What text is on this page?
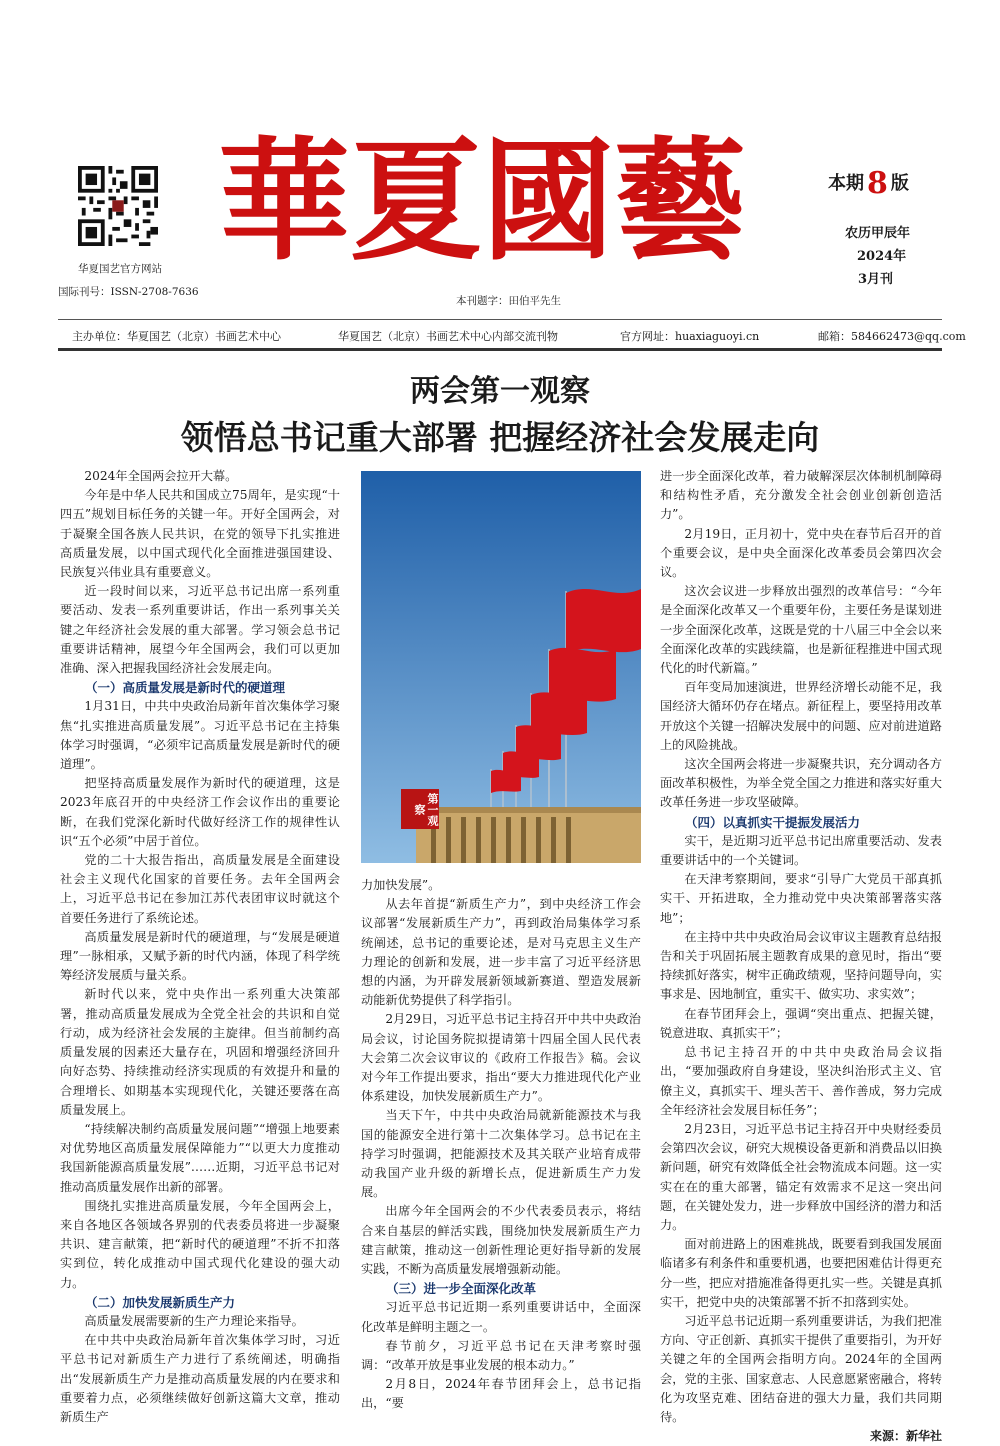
华夏国艺官方网站
国际刊号：ISSN-2708-7636
華夏國藝
本刊题字：田伯平先生
本期 8 版
农历甲辰年
2024年
3月刊
主办单位：华夏国艺（北京）书画艺术中心	华夏国艺（北京）书画艺术中心内部交流刊物	官方网址：huaxiaguoyi.cn	邮箱：584662473@qq.com
两会第一观察
领悟总书记重大部署 把握经济社会发展走向

2024年全国两会拉开大幕。

今年是中华人民共和国成立75周年，是实现“十四五”规划目标任务的关键一年。开好全国两会，对于凝聚全国各族人民共识，在党的领导下扎实推进高质量发展，以中国式现代化全面推进强国建设、民族复兴伟业具有重要意义。

近一段时间以来，习近平总书记出席一系列重要活动、发表一系列重要讲话，作出一系列事关关键之年经济社会发展的重大部署。学习领会总书记重要讲话精神，展望今年全国两会，我们可以更加准确、深入把握我国经济社会发展走向。

（一）高质量发展是新时代的硬道理

1月31日，中共中央政治局新年首次集体学习聚焦“扎实推进高质量发展”。习近平总书记在主持集体学习时强调，“必须牢记高质量发展是新时代的硬道理”。

把坚持高质量发展作为新时代的硬道理，这是2023年底召开的中央经济工作会议作出的重要论断，在我们党深化新时代做好经济工作的规律性认识“五个必须”中居于首位。

党的二十大报告指出，高质量发展是全面建设社会主义现代化国家的首要任务。去年全国两会上，习近平总书记在参加江苏代表团审议时就这个首要任务进行了系统论述。

高质量发展是新时代的硬道理，与“发展是硬道理”一脉相承，又赋予新的时代内涵，体现了科学统筹经济发展质与量关系。

新时代以来，党中央作出一系列重大决策部署，推动高质量发展成为全党全社会的共识和自觉行动，成为经济社会发展的主旋律。但当前制约高质量发展的因素还大量存在，巩固和增强经济回升向好态势、持续推动经济实现质的有效提升和量的合理增长、如期基本实现现代化，关键还要落在高质量发展上。

“持续解决制约高质量发展问题”“增强上地要素对优势地区高质量发展保障能力”“以更大力度推动我国新能源高质量发展”……近期，习近平总书记对推动高质量发展作出新的部署。

围绕扎实推进高质量发展，今年全国两会上，来自各地区各领域各界别的代表委员将进一步凝聚共识、建言献策，把“新时代的硬道理”不折不扣落实到位，转化成推动中国式现代化建设的强大动力。

（二）加快发展新质生产力

高质量发展需要新的生产力理论来指导。

在中共中央政治局新年首次集体学习时，习近平总书记对新质生产力进行了系统阐述，明确指出“发展新质生产力是推动高质量发展的内在要求和重要着力点，必须继续做好创新这篇大文章，推动新质生产

第一观察

力加快发展”。

从去年首提“新质生产力”，到中央经济工作会议部署“发展新质生产力”，再到政治局集体学习系统阐述，总书记的重要论述，是对马克思主义生产力理论的创新和发展，进一步丰富了习近平经济思想的内涵，为开辟发展新领域新赛道、塑造发展新动能新优势提供了科学指引。

2月29日，习近平总书记主持召开中共中央政治局会议，讨论国务院拟提请第十四届全国人民代表大会第二次会议审议的《政府工作报告》稿。会议对今年工作提出要求，指出“要大力推进现代化产业体系建设，加快发展新质生产力”。

当天下午，中共中央政治局就新能源技术与我国的能源安全进行第十二次集体学习。总书记在主持学习时强调，把能源技术及其关联产业培育成带动我国产业升级的新增长点，促进新质生产力发展。

出席今年全国两会的不少代表委员表示，将结合来自基层的鲜活实践，围绕加快发展新质生产力建言献策，推动这一创新性理论更好指导新的发展实践，不断为高质量发展增强新动能。

（三）进一步全面深化改革

习近平总书记近期一系列重要讲话中，全面深化改革是鲜明主题之一。

春节前夕，习近平总书记在天津考察时强调：“改革开放是事业发展的根本动力。”

2月8日，2024年春节团拜会上，总书记指出，“要

进一步全面深化改革，着力破解深层次体制机制障碍和结构性矛盾，充分激发全社会创业创新创造活力”。

2月19日，正月初十，党中央在春节后召开的首个重要会议，是中央全面深化改革委员会第四次会议。

这次会议进一步释放出强烈的改革信号：“今年是全面深化改革又一个重要年份，主要任务是谋划进一步全面深化改革，这既是党的十八届三中全会以来全面深化改革的实践续篇，也是新征程推进中国式现代化的时代新篇。”

百年变局加速演进，世界经济增长动能不足，我国经济大循环仍存在堵点。新征程上，要坚持用改革开放这个关键一招解决发展中的问题、应对前进道路上的风险挑战。

这次全国两会将进一步凝聚共识，充分调动各方面改革积极性，为举全党全国之力推进和落实好重大改革任务进一步攻坚破障。

（四）以真抓实干提振发展活力

实干，是近期习近平总书记出席重要活动、发表重要讲话中的一个关键词。

在天津考察期间，要求“引导广大党员干部真抓实干、开拓进取，全力推动党中央决策部署落实落地”；

在主持中共中央政治局会议审议主题教育总结报告和关于巩固拓展主题教育成果的意见时，指出“要持续抓好落实，树牢正确政绩观，坚持问题导向，实事求是、因地制宜，重实干、做实功、求实效”；

在春节团拜会上，强调“突出重点、把握关键，锐意进取、真抓实干”；

总书记主持召开的中共中央政治局会议指出，“要加强政府自身建设，坚决纠治形式主义、官僚主义，真抓实干、埋头苦干、善作善成，努力完成全年经济社会发展目标任务”；

2月23日，习近平总书记主持召开中央财经委员会第四次会议，研究大规模设备更新和消费品以旧换新问题，研究有效降低全社会物流成本问题。这一实实在在的重大部署，锚定有效需求不足这一突出问题，在关键处发力，进一步释放中国经济的潜力和活力。

面对前进路上的困难挑战，既要看到我国发展面临诸多有利条件和重要机遇，也要把困难估计得更充分一些，把应对措施准备得更扎实一些。关键是真抓实干，把党中央的决策部署不折不扣落到实处。

习近平总书记近期一系列重要讲话，为我们把准方向、守正创新、真抓实干提供了重要指引，为开好关键之年的全国两会指明方向。2024年的全国两会，党的主张、国家意志、人民意愿紧密融合，将转化为攻坚克难、团结奋进的强大力量，我们共同期待。

来源：新华社
